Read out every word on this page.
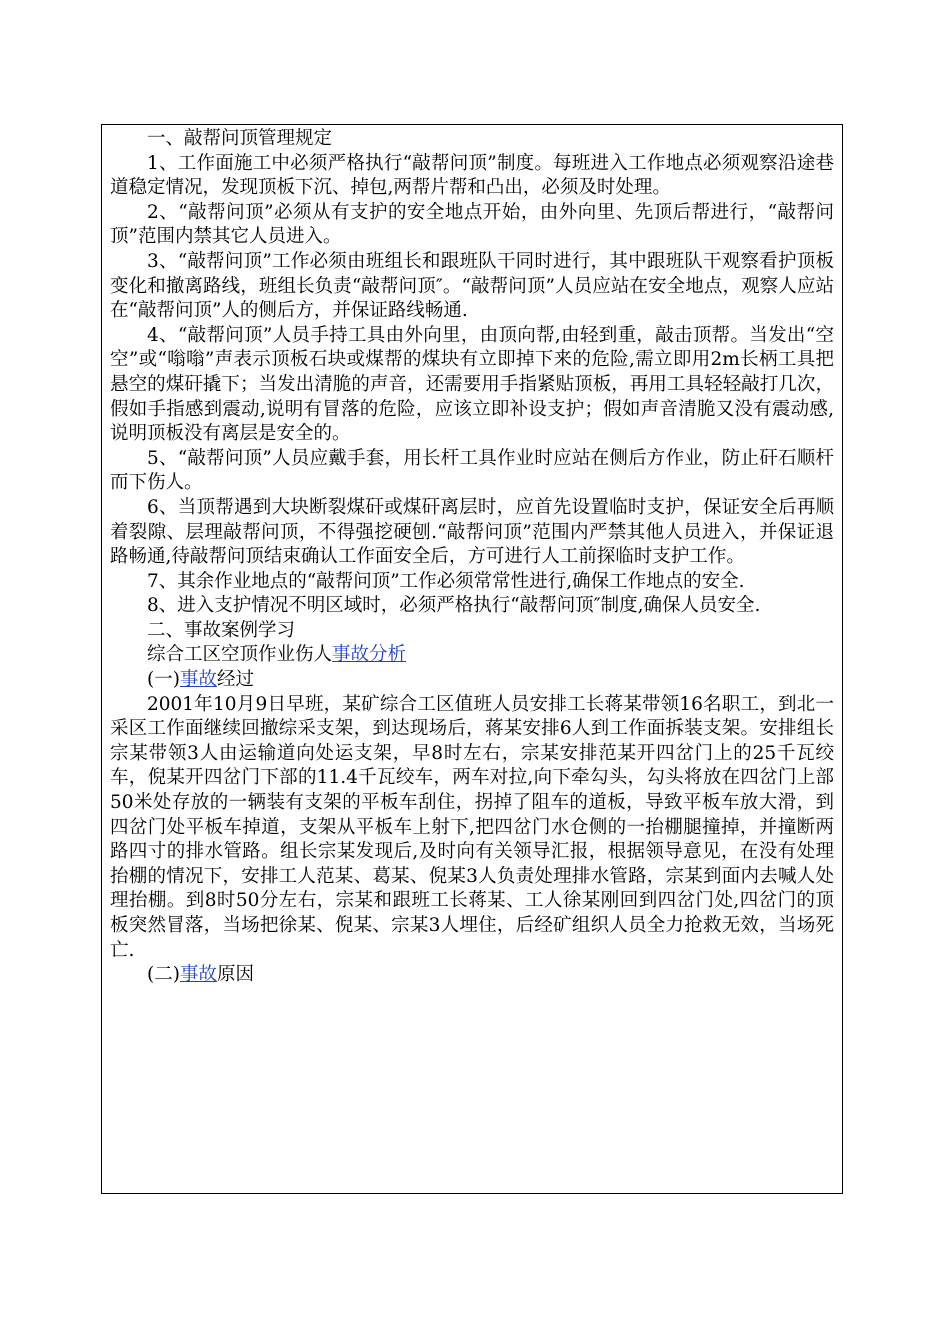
一、敲帮问顶管理规定

1、工作面施工中必须严格执行“敲帮问顶”制度。每班进入工作地点必须观察沿途巷道稳定情况，发现顶板下沉、掉包,两帮片帮和凸出，必须及时处理。

2、“敲帮问顶”必须从有支护的安全地点开始，由外向里、先顶后帮进行，“敲帮问顶”范围内禁其它人员进入。

3、“敲帮问顶”工作必须由班组长和跟班队干同时进行，其中跟班队干观察看护顶板变化和撤离路线，班组长负责“敲帮问顶″。“敲帮问顶”人员应站在安全地点，观察人应站在“敲帮问顶”人的侧后方，并保证路线畅通.

4、“敲帮问顶”人员手持工具由外向里，由顶向帮,由轻到重，敲击顶帮。当发出“空空”或“嗡嗡”声表示顶板石块或煤帮的煤块有立即掉下来的危险,需立即用2m长柄工具把悬空的煤矸撬下；当发出清脆的声音，还需要用手指紧贴顶板，再用工具轻轻敲打几次，假如手指感到震动,说明有冒落的危险，应该立即补设支护；假如声音清脆又没有震动感,说明顶板没有离层是安全的。

5、“敲帮问顶”人员应戴手套，用长杆工具作业时应站在侧后方作业，防止矸石顺杆而下伤人。

6、当顶帮遇到大块断裂煤矸或煤矸离层时，应首先设置临时支护，保证安全后再顺着裂隙、层理敲帮问顶，不得强挖硬刨.“敲帮问顶”范围内严禁其他人员进入，并保证退路畅通,待敲帮问顶结束确认工作面安全后，方可进行人工前探临时支护工作。

7、其余作业地点的“敲帮问顶”工作必须常常性进行,确保工作地点的安全.

8、进入支护情况不明区域时，必须严格执行“敲帮问顶″制度,确保人员安全.

二、事故案例学习

综合工区空顶作业伤人事故分析

(一)事故经过

2001年10月9日早班，某矿综合工区值班人员安排工长蒋某带领16名职工，到北一采区工作面继续回撤综采支架，到达现场后，蒋某安排6人到工作面拆装支架。安排组长宗某带领3人由运输道向处运支架，早8时左右，宗某安排范某开四岔门上的25千瓦绞车，倪某开四岔门下部的11.4千瓦绞车，两车对拉,向下牵勾头，勾头将放在四岔门上部50米处存放的一辆装有支架的平板车刮住，拐掉了阻车的道板，导致平板车放大滑，到四岔门处平板车掉道，支架从平板车上射下,把四岔门水仓侧的一抬棚腿撞掉，并撞断两路四寸的排水管路。组长宗某发现后,及时向有关领导汇报，根据领导意见，在没有处理抬棚的情况下，安排工人范某、葛某、倪某3人负责处理排水管路，宗某到面内去喊人处理抬棚。到8时50分左右，宗某和跟班工长蒋某、工人徐某刚回到四岔门处,四岔门的顶板突然冒落，当场把徐某、倪某、宗某3人埋住，后经矿组织人员全力抢救无效，当场死亡.

(二)事故原因
